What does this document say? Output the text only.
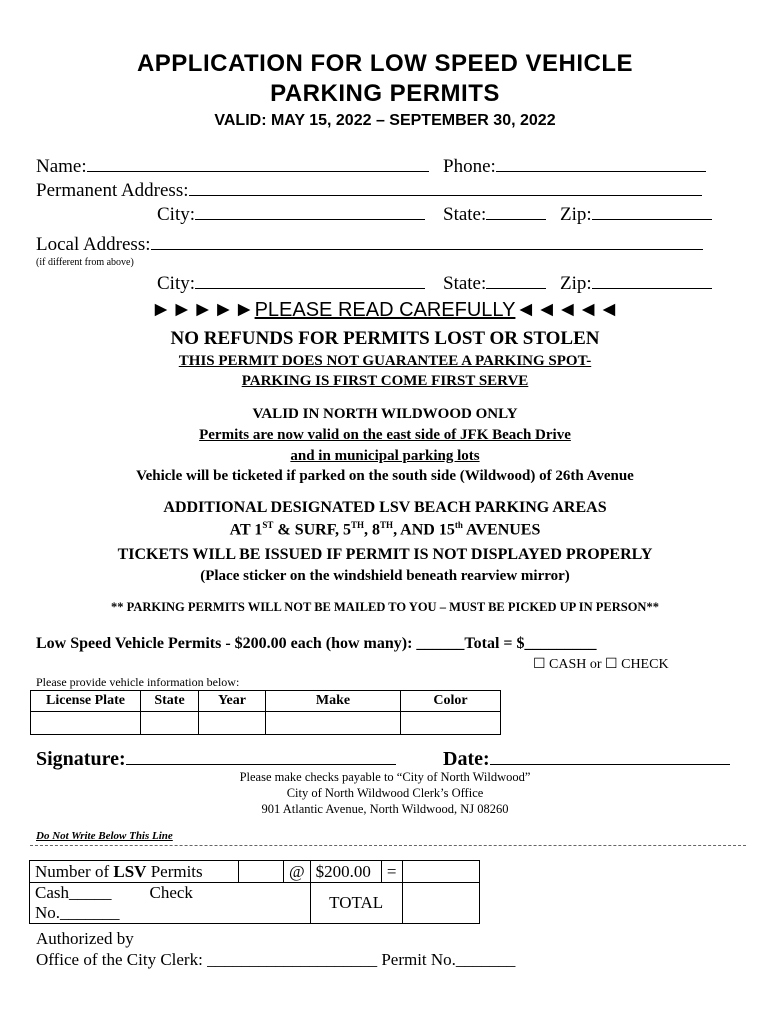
APPLICATION FOR LOW SPEED VEHICLE
PARKING PERMITS
VALID: MAY 15, 2022 – SEPTEMBER 30, 2022
Name:	Phone:
Permanent Address:
City:	State:	Zip:
Local Address:
(if different from above)
City:	State:	Zip:
►►►►►PLEASE READ CAREFULLY◄◄◄◄◄
NO REFUNDS FOR PERMITS LOST OR STOLEN
THIS PERMIT DOES NOT GUARANTEE A PARKING SPOT-
PARKING IS FIRST COME FIRST SERVE
VALID IN NORTH WILDWOOD ONLY
Permits are now valid on the east side of JFK Beach Drive
and in municipal parking lots
Vehicle will be ticketed if parked on the south side (Wildwood) of 26th Avenue
ADDITIONAL DESIGNATED LSV BEACH PARKING AREAS
AT 1ST & SURF, 5TH, 8TH, AND 15th AVENUES
TICKETS WILL BE ISSUED IF PERMIT IS NOT DISPLAYED PROPERLY
(Place sticker on the windshield beneath rearview mirror)
** PARKING PERMITS WILL NOT BE MAILED TO YOU – MUST BE PICKED UP IN PERSON**
Low Speed Vehicle Permits - $200.00 each (how many): ______Total = $_________
☐ CASH or ☐ CHECK
Please provide vehicle information below:
License Plate	State	Year	Make	Color

Signature:	Date:
Please make checks payable to “City of North Wildwood”
City of North Wildwood Clerk’s Office
901 Atlantic Avenue, North Wildwood, NJ 08260
Do Not Write Below This Line
Number of LSV Permits		@	$200.00	=	
Cash_____ Check No._______			TOTAL		
Authorized by
Office of the City Clerk: ____________________ Permit No._______
